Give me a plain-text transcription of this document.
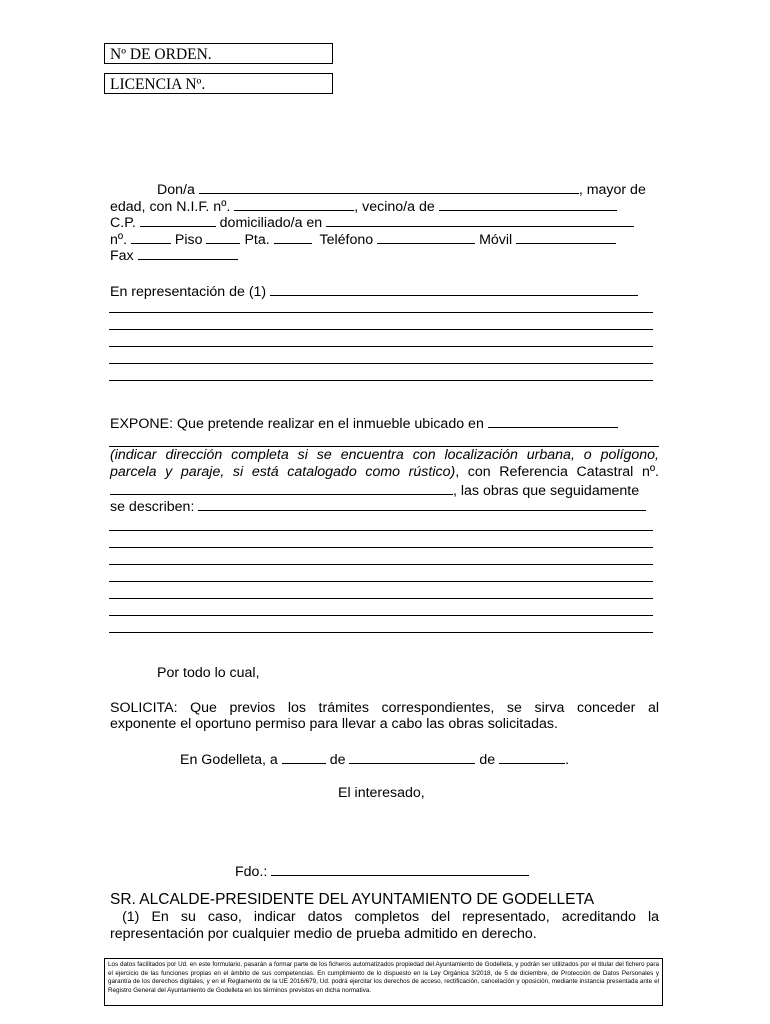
Nº DE ORDEN.
LICENCIA Nº.
Don/a	, mayor de
edad, con N.I.F. nº.	, vecino/a de
C.P.	domiciliado/a en
nº.	Piso	Pta.	Teléfono	Móvil
Fax
En representación de (1)
EXPONE: Que pretende realizar en el inmueble ubicado en
(indicar dirección completa si se encuentra con localización urbana, o polígono,
parcela y paraje, si está catalogado como rústico), con Referencia Catastral nº.
, las obras que seguidamente
se describen:
Por todo lo cual,
SOLICITA: Que previos los trámites correspondientes, se sirva conceder al
exponente el oportuno permiso para llevar a cabo las obras solicitadas.
En Godelleta, a	de	de	.
El interesado,
Fdo.:
SR. ALCALDE-PRESIDENTE DEL AYUNTAMIENTO DE GODELLETA
(1) En su caso, indicar datos completos del representado, acreditando la
representación por cualquier medio de prueba admitido en derecho.
Los datos facilitados por Ud. en este formulario, pasarán a formar parte de los ficheros automatizados propiedad del Ayuntamiento de Godelleta, y podrán ser utilizados por el titular del fichero para el ejercicio de las funciones propias en el ámbito de sus competencias. En cumplimiento de lo dispuesto en la Ley Orgánica 3/2018, de 5 de diciembre, de Protección de Datos Personales y garantía de los derechos digitales, y en el Reglamento de la UE 2016/679, Ud. podrá ejercitar los derechos de acceso, rectificación, cancelación y oposición, mediante instancia presentada ante el Registro General del Ayuntamiento de Godelleta en los términos previstos en dicha normativa.
